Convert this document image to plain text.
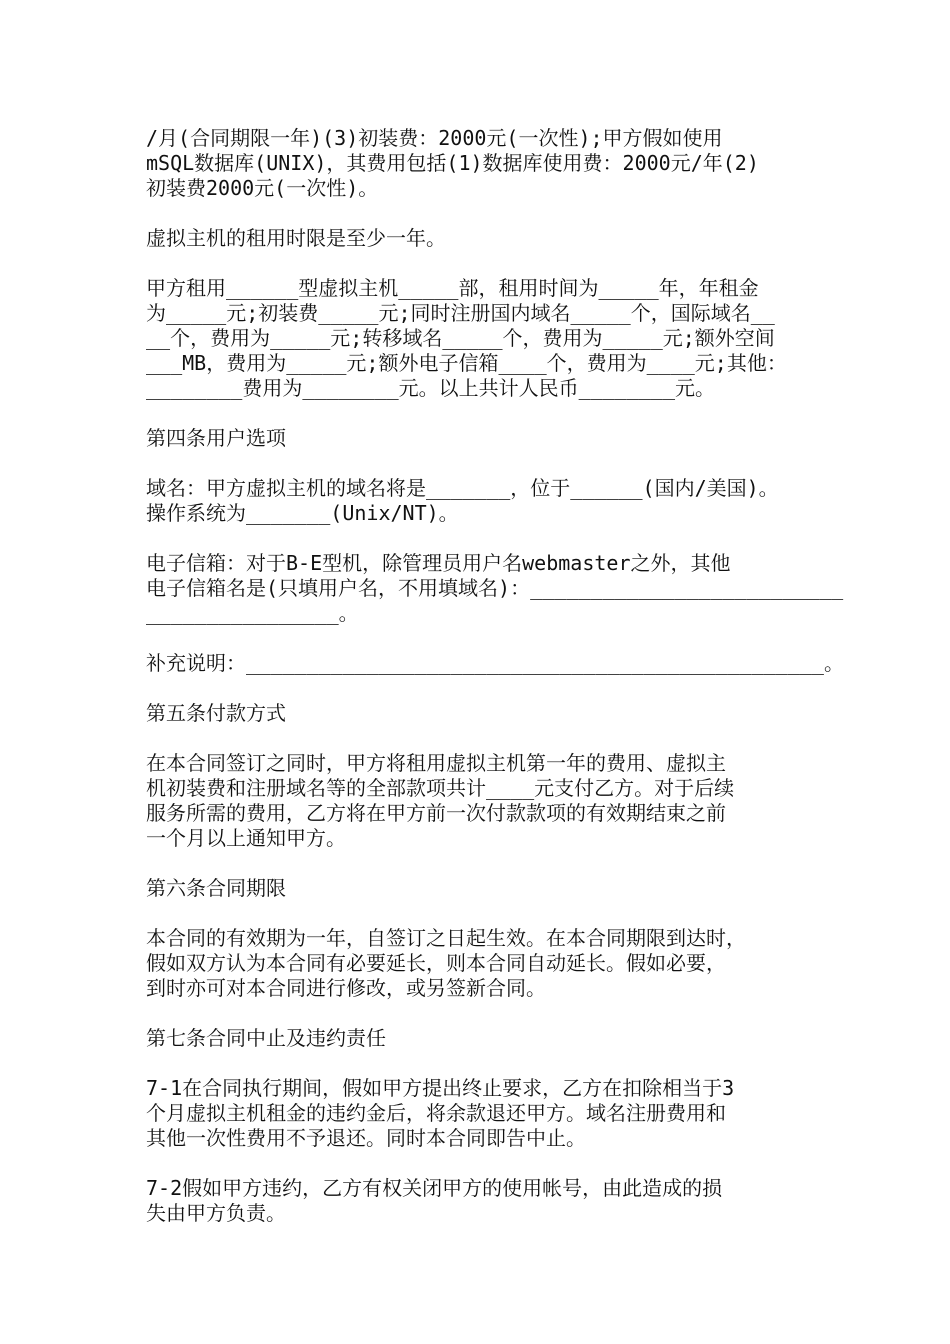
/月(合同期限一年)(3)初装费：2000元(一次性);甲方假如使用
mSQL数据库(UNIX)，其费用包括(1)数据库使用费：2000元/年(2)
初装费2000元(一次性)。

虚拟主机的租用时限是至少一年。

甲方租用______型虚拟主机_____部，租用时间为_____年，年租金
为_____元;初装费_____元;同时注册国内域名_____个，国际域名__
__个，费用为_____元;转移域名_____个，费用为_____元;额外空间
___MB，费用为_____元;额外电子信箱____个，费用为____元;其他：
________费用为________元。以上共计人民币________元。

第四条用户选项

域名：甲方虚拟主机的域名将是_______，位于______(国内/美国)。
操作系统为_______(Unix/NT)。

电子信箱：对于B-E型机，除管理员用户名webmaster之外，其他
电子信箱名是(只填用户名，不用填域名)：__________________________
________________。

补充说明：________________________________________________。

第五条付款方式

在本合同签订之同时，甲方将租用虚拟主机第一年的费用、虚拟主
机初装费和注册域名等的全部款项共计____元支付乙方。对于后续
服务所需的费用，乙方将在甲方前一次付款款项的有效期结束之前
一个月以上通知甲方。

第六条合同期限

本合同的有效期为一年，自签订之日起生效。在本合同期限到达时，
假如双方认为本合同有必要延长，则本合同自动延长。假如必要，
到时亦可对本合同进行修改，或另签新合同。

第七条合同中止及违约责任

7-1在合同执行期间，假如甲方提出终止要求，乙方在扣除相当于3
个月虚拟主机租金的违约金后，将余款退还甲方。域名注册费用和
其他一次性费用不予退还。同时本合同即告中止。

7-2假如甲方违约，乙方有权关闭甲方的使用帐号，由此造成的损
失由甲方负责。
